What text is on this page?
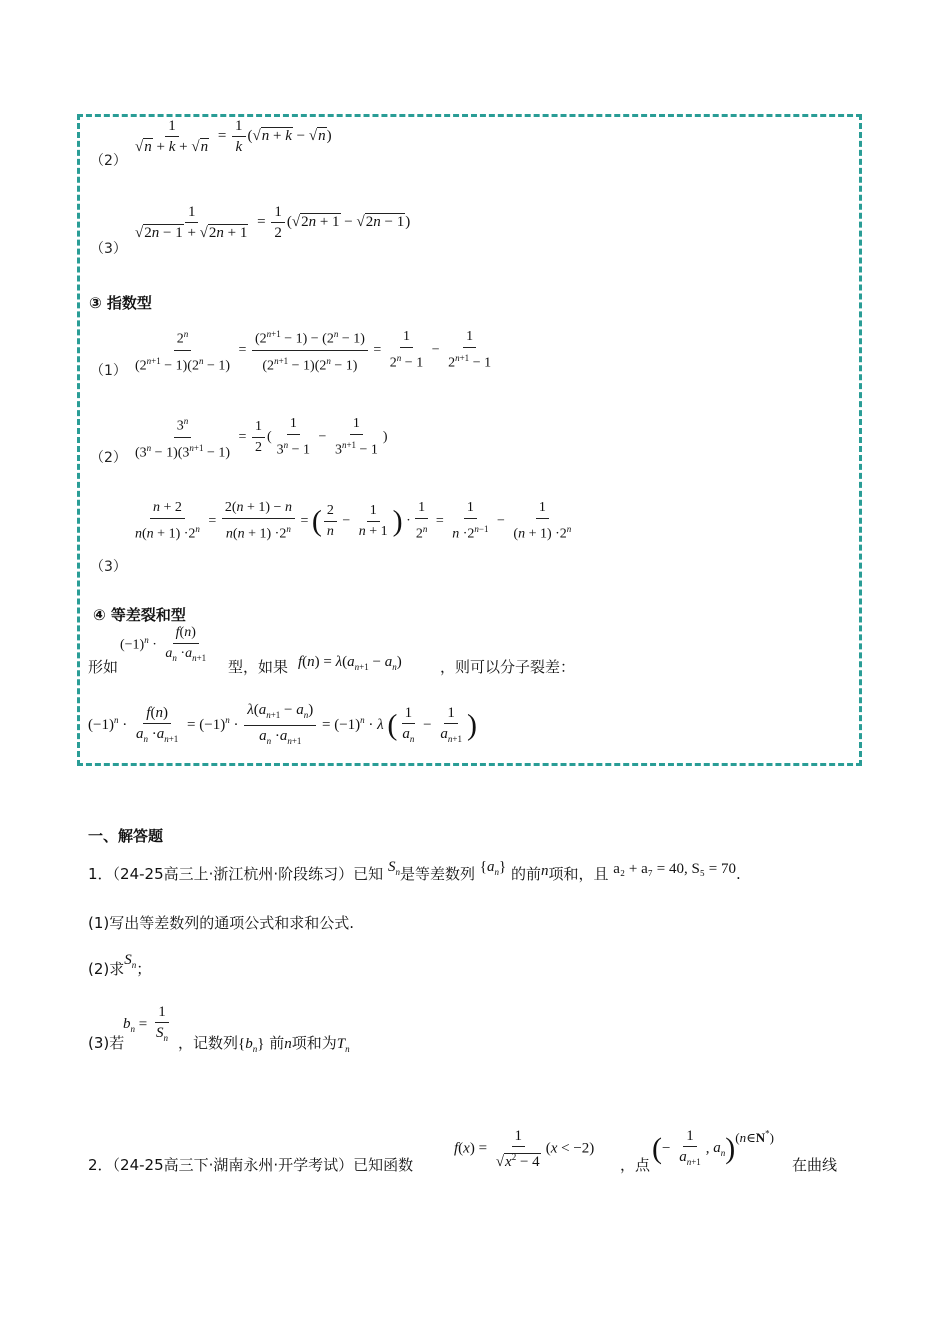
（2）
$\frac{1}{√n + k + √n} = \frac{1}{k} (√n + k - √n)$
（3）
$\frac{1}{√2n - 1 + √2n + 1} = \frac{1}{2} (√2n + 1 - √2n - 1)$
③ 指数型
$(1) \frac{2^n}{(2^{n+1} - 1)(2^n - 1)} = \frac{(2^{n+1} - 1) - (2^n - 1)}{(2^{n+1} - 1)(2^n - 1)} = \frac{1}{2^n - 1} - \frac{1}{2^{n+1} - 1}$
$(2) \frac{3^n}{(3^n - 1)(3^{n+1} - 1)} = \frac{1}{2}$ ( $\frac{1}{3^n - 1} - \frac{1}{3^{n+1} - 1}$ )
$\frac{n + 2}{n(n + 1) \cdot 2^n} = \frac{2(n + 1) - n}{n(n + 1) \cdot 2^n}$ = ( $\frac{2}{n} - \frac{1}{n + 1}$ ) · $\frac{1}{2^n} = \frac{1}{n \cdot 2^{n-1}} - \frac{1}{(n + 1) \cdot 2^n}$
（3）
④ 等差裂和型
形如
$(-1)^n \cdot \frac{f(n)}{a_n \cdot a_{n+1}}$
型，如果 $f(n) = \lambda(a_{n+1} - a_n)$	，则可以分子裂差：
$(-1)^n \cdot \frac{f(n)}{a_n \cdot a_{n+1}} = (-1)^n \cdot \frac{\lambda(a_{n+1} - a_n)}{a_n \cdot a_{n+1}} = (-1)^n \cdot \lambda$ ( $\frac{1}{a_n} - \frac{1}{a_{n+1}}$ )
一、解答题
1．（24-25高三上·浙江杭州·阶段练习）已知 $S_n$是等差数列 $\{a_n\}$ 的前n项和，且 a₂ + a₇ = 40, S₅ = 70.
(1)写出等差数列的通项公式和求和公式.
(2)求$S_n$；
(3)若
$b_n = \frac{1}{S_n}$ ，记数列$\{b_n\}$ 前n项和为$T_n$
2．（24-25高三下·湖南永州·开学考试）已知函数
$f(x) = \frac{1}{√x^2 - 4} (x < -2)$
，点 (− $\frac{1}{a_{n+1}}$ , $a_n)(n\in N^*)$
在曲线
